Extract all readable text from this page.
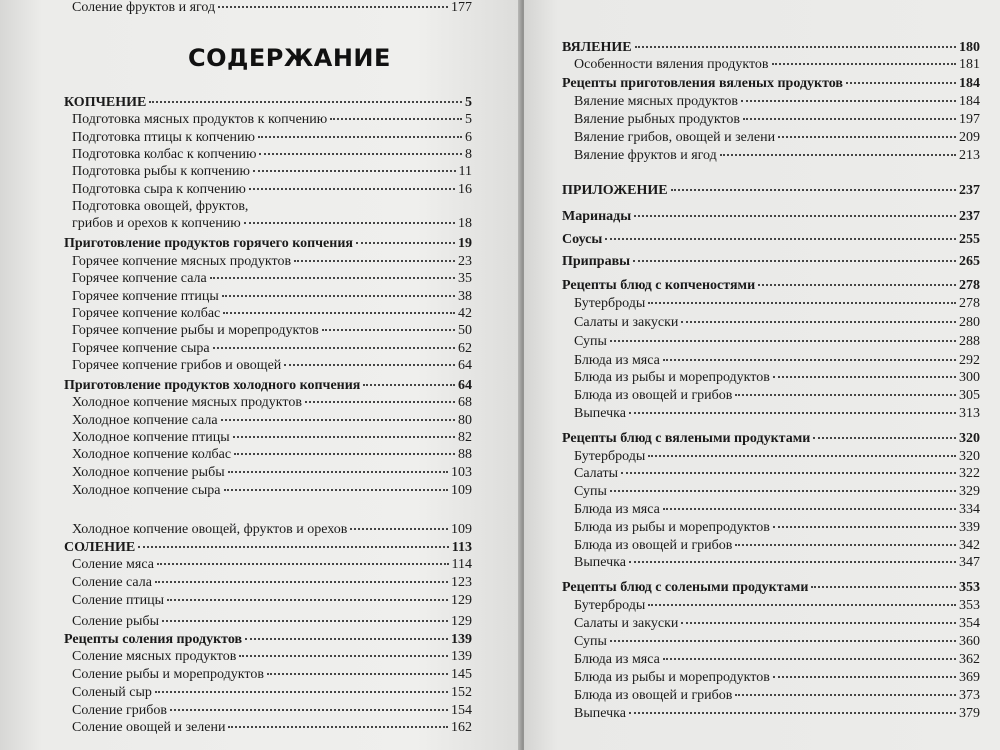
СОДЕРЖАНИЕ
КОПЧЕНИЕ	5
Подготовка мясных продуктов к копчению	5
Подготовка птицы к копчению	6
Подготовка колбас к копчению	8
Подготовка рыбы к копчению	11
Подготовка сыра к копчению	16
Подготовка овощей, фруктов,
грибов и орехов к копчению	18
Приготовление продуктов горячего копчения	19
Горячее копчение мясных продуктов	23
Горячее копчение сала	35
Горячее копчение птицы	38
Горячее копчение колбас	42
Горячее копчение рыбы и морепродуктов	50
Горячее копчение сыра	62
Горячее копчение грибов и овощей	64
Приготовление продуктов холодного копчения	64
Холодное копчение мясных продуктов	68
Холодное копчение сала	80
Холодное копчение птицы	82
Холодное копчение колбас	88
Холодное копчение рыбы	103
Холодное копчение сыра	109
Холодное копчение овощей, фруктов и орехов	109
СОЛЕНИЕ	113
Соление мяса	114
Соление сала	123
Соление птицы	129
Соление рыбы	129
Рецепты соления продуктов	139
Соление мясных продуктов	139
Соление рыбы и морепродуктов	145
Соленый сыр	152
Соление грибов	154
Соление овощей и зелени	162
Соление фруктов и ягод	177
ВЯЛЕНИЕ	180
Особенности вяления продуктов	181
Рецепты приготовления вяленых продуктов	184
Вяление мясных продуктов	184
Вяление рыбных продуктов	197
Вяление грибов, овощей и зелени	209
Вяление фруктов и ягод	213
ПРИЛОЖЕНИЕ	237
Маринады	237
Соусы	255
Приправы	265
Рецепты блюд с копченостями	278
Бутерброды	278
Салаты и закуски	280
Супы	288
Блюда из мяса	292
Блюда из рыбы и морепродуктов	300
Блюда из овощей и грибов	305
Выпечка	313
Рецепты блюд с вялеными продуктами	320
Бутерброды	320
Салаты	322
Супы	329
Блюда из мяса	334
Блюда из рыбы и морепродуктов	339
Блюда из овощей и грибов	342
Выпечка	347
Рецепты блюд с солеными продуктами	353
Бутерброды	353
Салаты и закуски	354
Супы	360
Блюда из мяса	362
Блюда из рыбы и морепродуктов	369
Блюда из овощей и грибов	373
Выпечка	379
